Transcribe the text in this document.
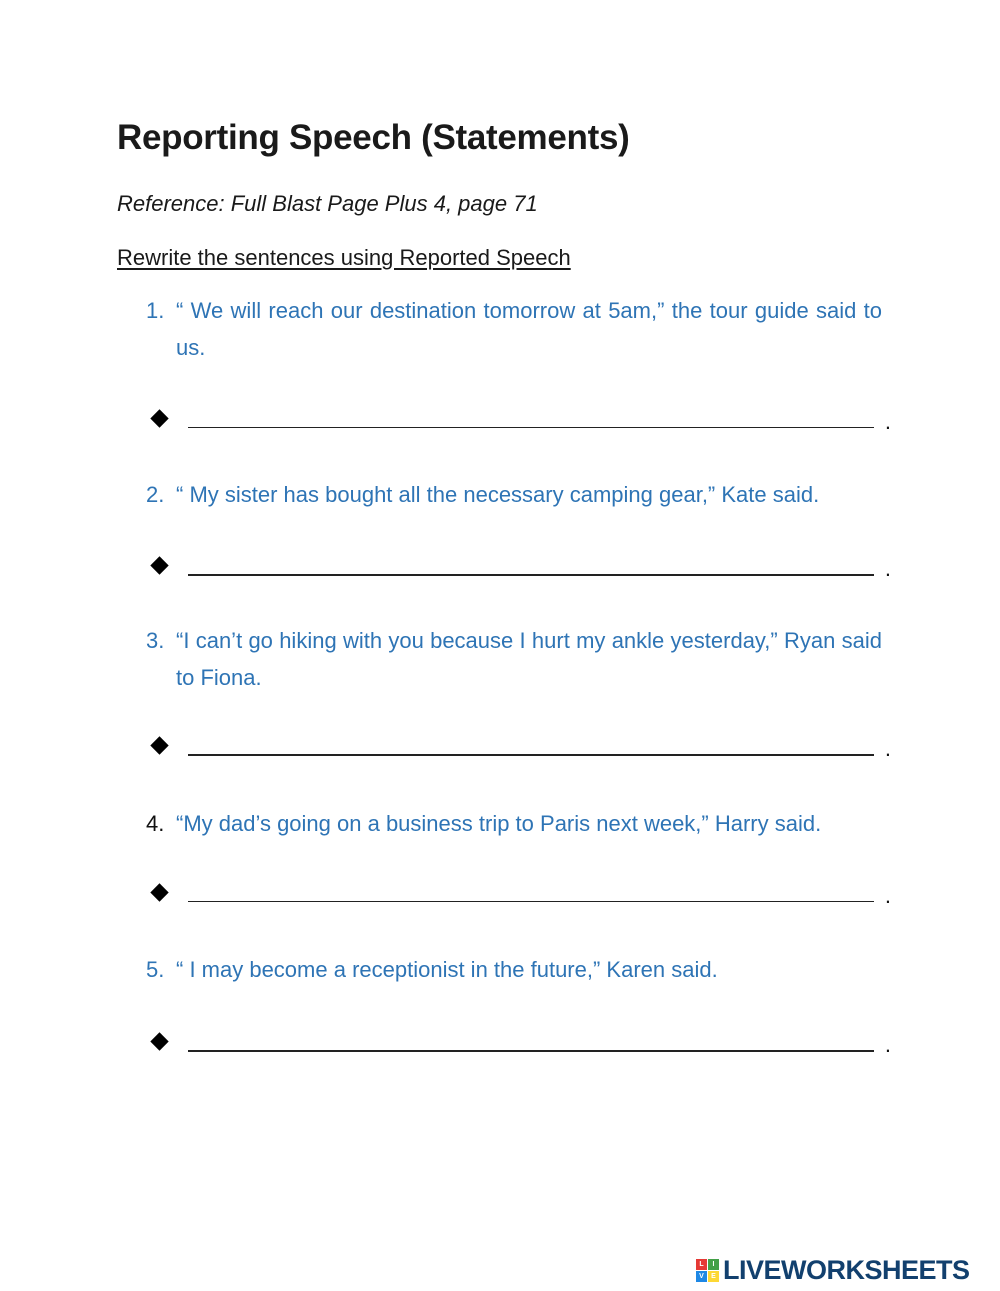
Reporting Speech (Statements)
Reference: Full Blast Page Plus 4, page 71
Rewrite the sentences using Reported Speech
1. “ We will reach our destination tomorrow at 5am,” the tour guide said to us.
.
2. “ My sister has bought all the necessary camping gear,” Kate said.
.
3. “I can’t go hiking with you because I hurt my ankle yesterday,” Ryan said to Fiona.
.
4. “My dad’s going on a business trip to Paris next week,” Harry said.
.
5. “ I may become a receptionist in the future,” Karen said.
.
L	I
V	E LIVEWORKSHEETS
